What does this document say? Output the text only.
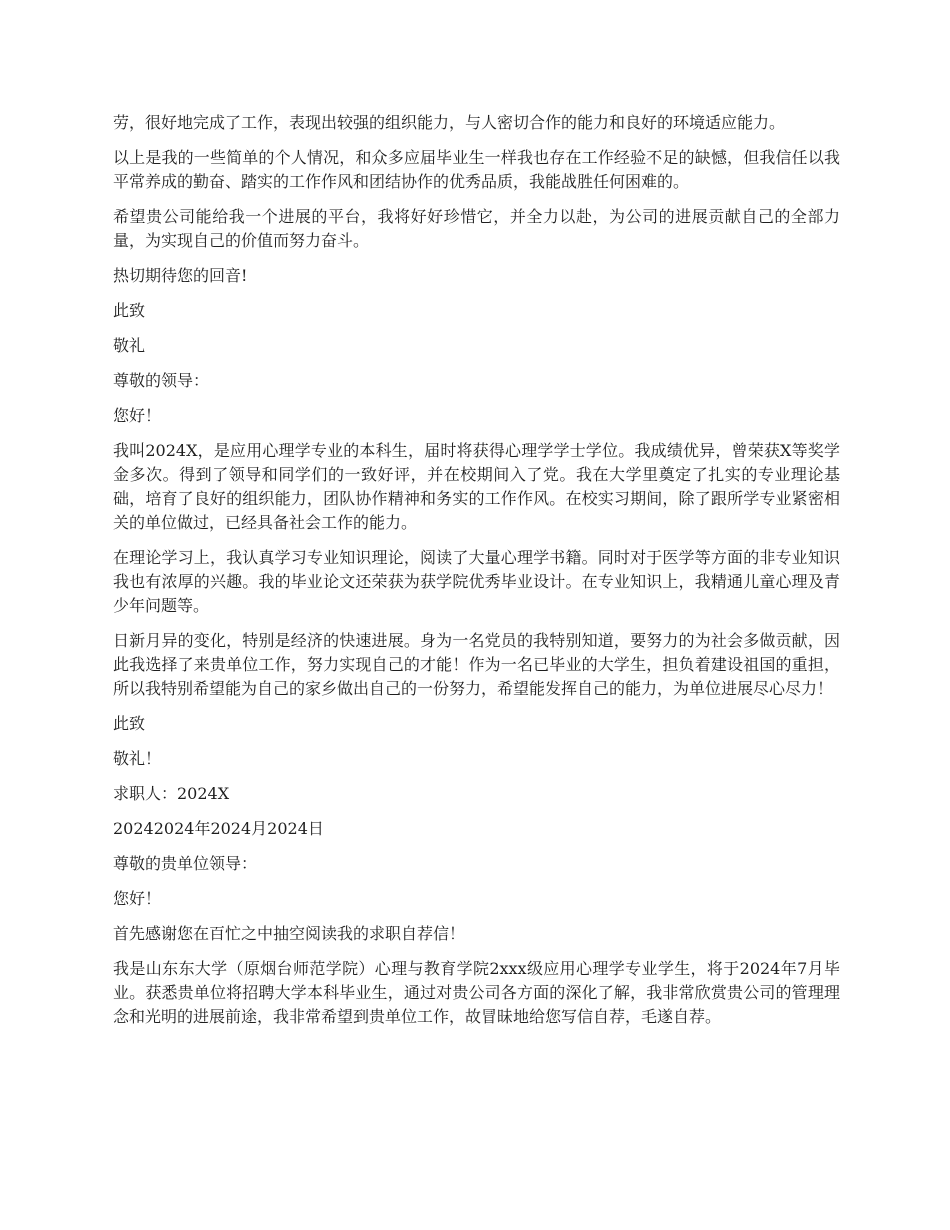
劳，很好地完成了工作，表现出较强的组织能力，与人密切合作的能力和良好的环境适应能力。

以上是我的一些简单的个人情况，和众多应届毕业生一样我也存在工作经验不足的缺憾，但我信任以我平常养成的勤奋、踏实的工作作风和团结协作的优秀品质，我能战胜任何困难的。

希望贵公司能给我一个进展的平台，我将好好珍惜它，并全力以赴，为公司的进展贡献自己的全部力量，为实现自己的价值而努力奋斗。

热切期待您的回音!

此致

敬礼

尊敬的领导：

您好！

我叫2024X，是应用心理学专业的本科生，届时将获得心理学学士学位。我成绩优异，曾荣获X等奖学金多次。得到了领导和同学们的一致好评，并在校期间入了党。我在大学里奠定了扎实的专业理论基础，培育了良好的组织能力，团队协作精神和务实的工作作风。在校实习期间，除了跟所学专业紧密相关的单位做过，已经具备社会工作的能力。

在理论学习上，我认真学习专业知识理论，阅读了大量心理学书籍。同时对于医学等方面的非专业知识我也有浓厚的兴趣。我的毕业论文还荣获为获学院优秀毕业设计。在专业知识上，我精通儿童心理及青少年问题等。

日新月异的变化，特别是经济的快速进展。身为一名党员的我特别知道，要努力的为社会多做贡献，因此我选择了来贵单位工作，努力实现自己的才能！作为一名已毕业的大学生，担负着建设祖国的重担，所以我特别希望能为自己的家乡做出自己的一份努力，希望能发挥自己的能力，为单位进展尽心尽力！

此致

敬礼！

求职人：2024X

20242024年2024月2024日

尊敬的贵单位领导：

您好！

首先感谢您在百忙之中抽空阅读我的求职自荐信！

我是山东东大学（原烟台师范学院）心理与教育学院2xxx级应用心理学专业学生，将于2024年7月毕业。获悉贵单位将招聘大学本科毕业生，通过对贵公司各方面的深化了解，我非常欣赏贵公司的管理理念和光明的进展前途，我非常希望到贵单位工作，故冒昧地给您写信自荐，毛遂自荐。
